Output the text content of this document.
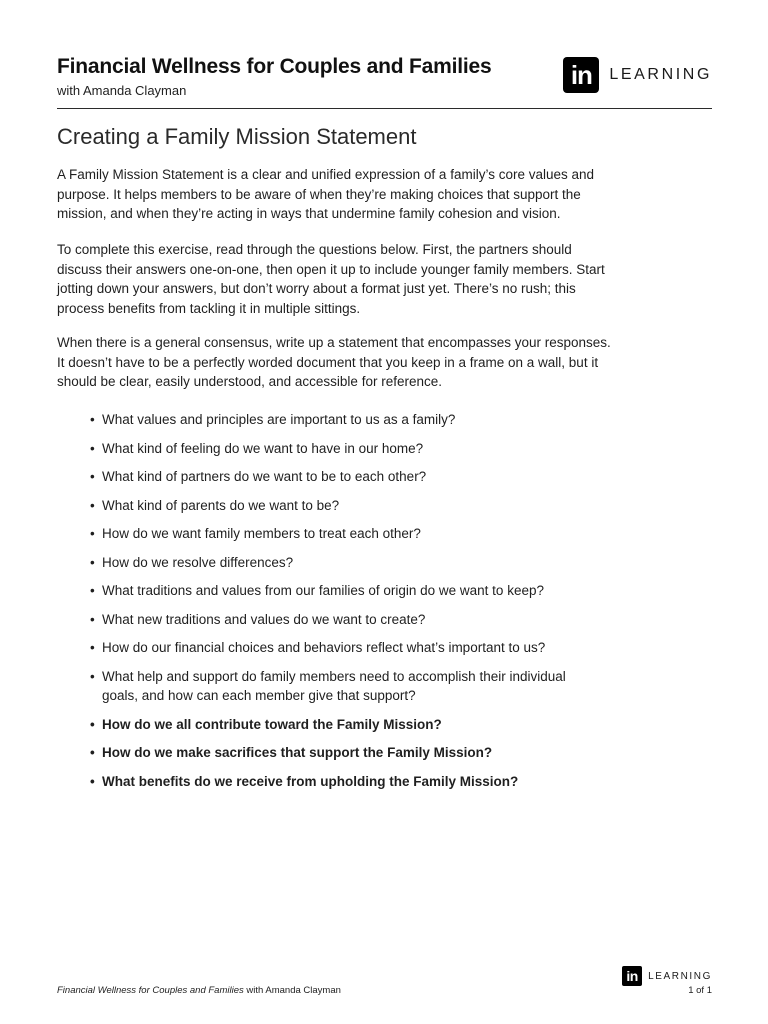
Financial Wellness for Couples and Families
with Amanda Clayman
in	LEARNING
Creating a Family Mission Statement

A Family Mission Statement is a clear and unified expression of a family’s core values and purpose. It helps members to be aware of when they’re making choices that support the mission, and when they’re acting in ways that undermine family cohesion and vision.

To complete this exercise, read through the questions below. First, the partners should discuss their answers one-on-one, then open it up to include younger family members. Start jotting down your answers, but don’t worry about a format just yet. There’s no rush; this process benefits from tackling it in multiple sittings.

When there is a general consensus, write up a statement that encompasses your responses. It doesn’t have to be a perfectly worded document that you keep in a frame on a wall, but it should be clear, easily understood, and accessible for reference.

• What values and principles are important to us as a family?
• What kind of feeling do we want to have in our home?
• What kind of partners do we want to be to each other?
• What kind of parents do we want to be?
• How do we want family members to treat each other?
• How do we resolve differences?
• What traditions and values from our families of origin do we want to keep?
• What new traditions and values do we want to create?
• How do our financial choices and behaviors reflect what’s important to us?
• What help and support do family members need to accomplish their individual goals, and how can each member give that support?
• How do we all contribute toward the Family Mission?
• How do we make sacrifices that support the Family Mission?
• What benefits do we receive from upholding the Family Mission?
in	LEARNING
Financial Wellness for Couples and Families with Amanda Clayman	1 of 1
